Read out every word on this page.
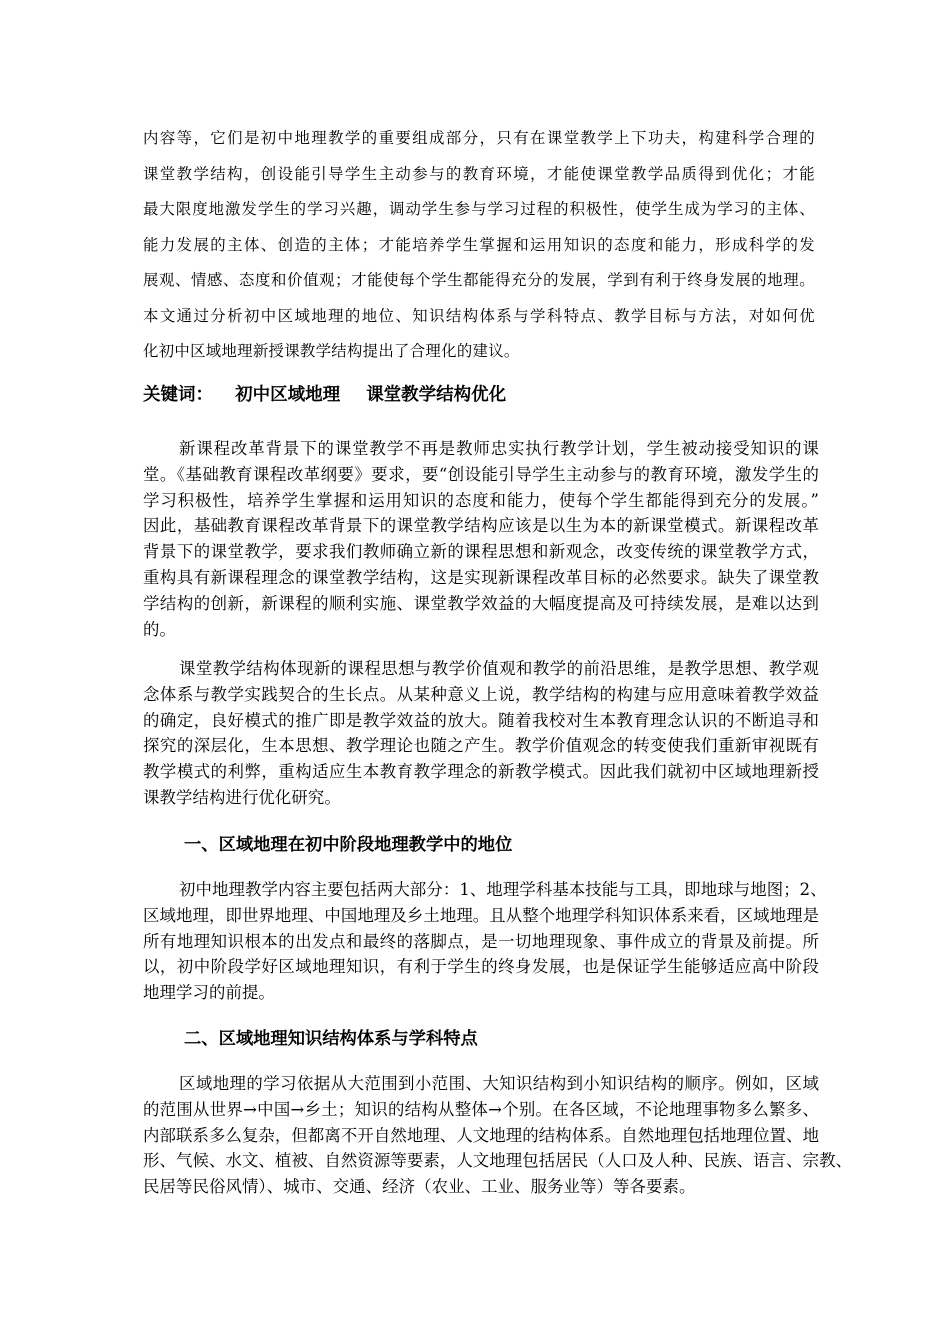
内容等，它们是初中地理教学的重要组成部分，只有在课堂教学上下功夫，构建科学合理的
课堂教学结构，创设能引导学生主动参与的教育环境，才能使课堂教学品质得到优化；才能
最大限度地激发学生的学习兴趣，调动学生参与学习过程的积极性，使学生成为学习的主体、
能力发展的主体、创造的主体；才能培养学生掌握和运用知识的态度和能力，形成科学的发
展观、情感、态度和价值观；才能使每个学生都能得充分的发展，学到有利于终身发展的地理。
本文通过分析初中区域地理的地位、知识结构体系与学科特点、教学目标与方法，对如何优
化初中区域地理新授课教学结构提出了合理化的建议。
关键词： 初中区域地理 课堂教学结构优化
新课程改革背景下的课堂教学不再是教师忠实执行教学计划，学生被动接受知识的课
堂。《基础教育课程改革纲要》要求，要“创设能引导学生主动参与的教育环境，激发学生的
学习积极性，培养学生掌握和运用知识的态度和能力，使每个学生都能得到充分的发展。”
因此，基础教育课程改革背景下的课堂教学结构应该是以生为本的新课堂模式。新课程改革
背景下的课堂教学，要求我们教师确立新的课程思想和新观念，改变传统的课堂教学方式，
重构具有新课程理念的课堂教学结构，这是实现新课程改革目标的必然要求。缺失了课堂教
学结构的创新，新课程的顺利实施、课堂教学效益的大幅度提高及可持续发展，是难以达到
的。
课堂教学结构体现新的课程思想与教学价值观和教学的前沿思维，是教学思想、教学观
念体系与教学实践契合的生长点。从某种意义上说，教学结构的构建与应用意味着教学效益
的确定，良好模式的推广即是教学效益的放大。随着我校对生本教育理念认识的不断追寻和
探究的深层化，生本思想、教学理论也随之产生。教学价值观念的转变使我们重新审视既有
教学模式的利弊，重构适应生本教育教学理念的新教学模式。因此我们就初中区域地理新授
课教学结构进行优化研究。
一、区域地理在初中阶段地理教学中的地位
初中地理教学内容主要包括两大部分：1、地理学科基本技能与工具，即地球与地图；2、
区域地理，即世界地理、中国地理及乡土地理。且从整个地理学科知识体系来看，区域地理是
所有地理知识根本的出发点和最终的落脚点，是一切地理现象、事件成立的背景及前提。所
以，初中阶段学好区域地理知识，有利于学生的终身发展，也是保证学生能够适应高中阶段
地理学习的前提。
二、区域地理知识结构体系与学科特点
区域地理的学习依据从大范围到小范围、大知识结构到小知识结构的顺序。例如，区域
的范围从世界→中国→乡土；知识的结构从整体→个别。在各区域，不论地理事物多么繁多、
内部联系多么复杂，但都离不开自然地理、人文地理的结构体系。自然地理包括地理位置、地
形、气候、水文、植被、自然资源等要素，人文地理包括居民（人口及人种、民族、语言、宗教、
民居等民俗风情）、城市、交通、经济（农业、工业、服务业等）等各要素。
